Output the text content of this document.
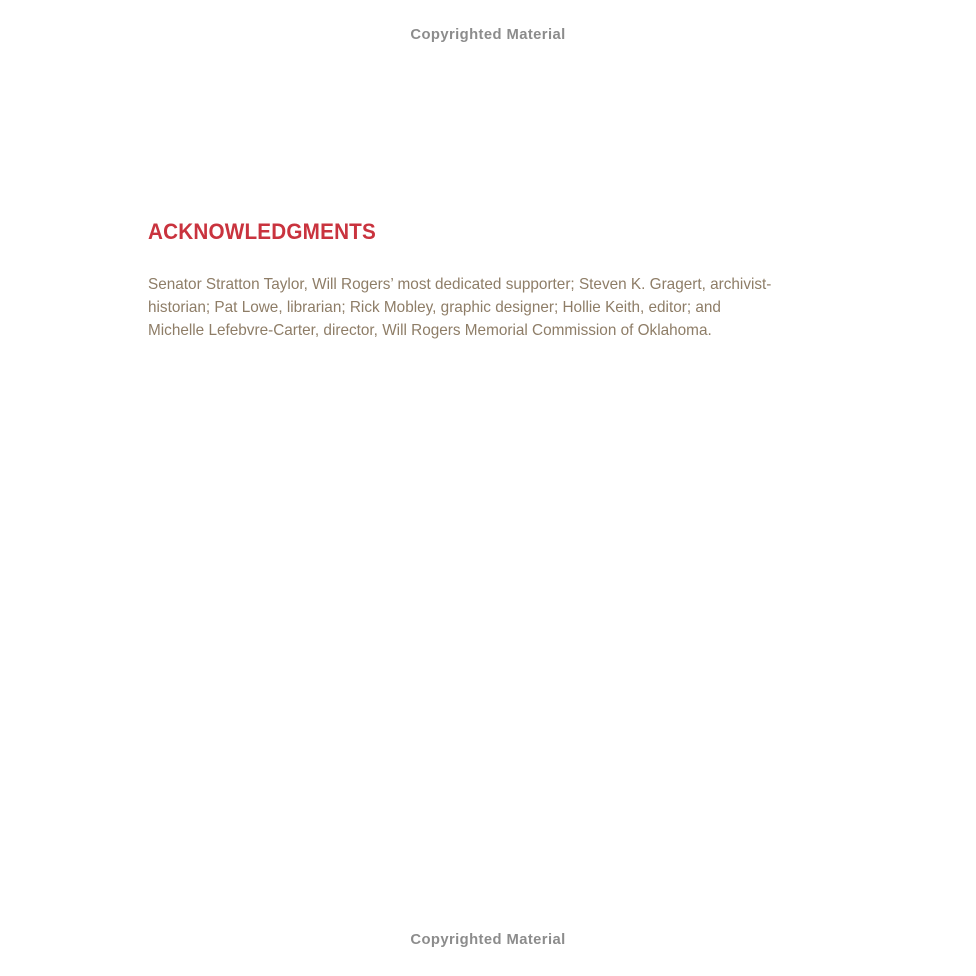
Copyrighted Material
ACKNOWLEDGMENTS
Senator Stratton Taylor, Will Rogers’ most dedicated supporter; Steven K. Gragert, archivist-
historian; Pat Lowe, librarian; Rick Mobley, graphic designer; Hollie Keith, editor; and
Michelle Lefebvre-Carter, director, Will Rogers Memorial Commission of Oklahoma.
Copyrighted Material
